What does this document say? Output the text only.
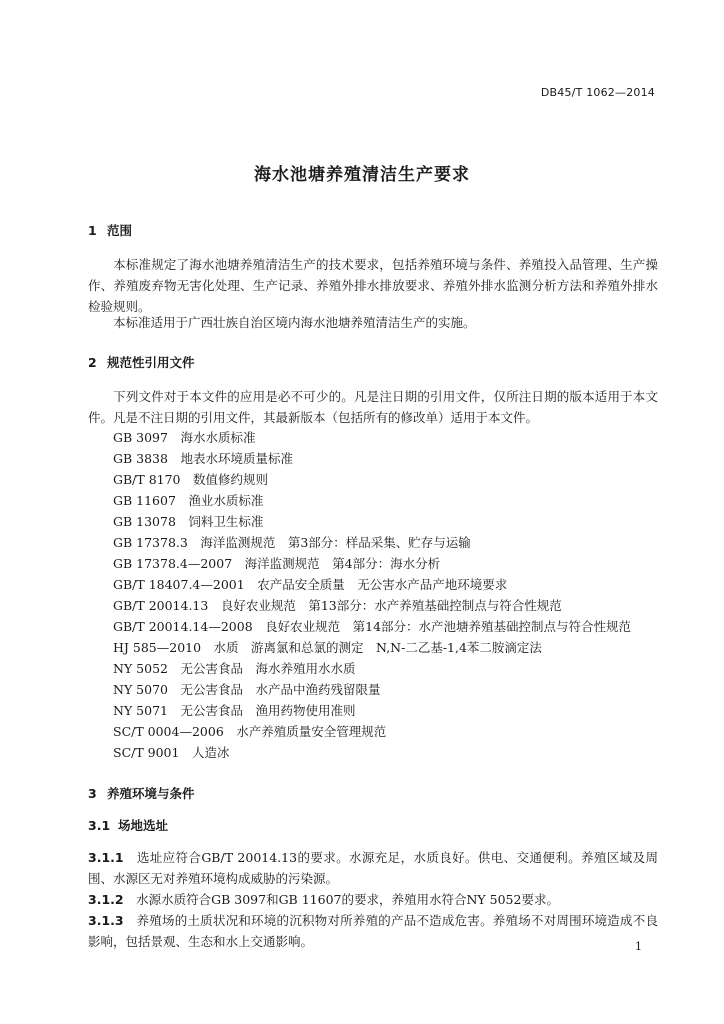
DB45/T 1062—2014
海水池塘养殖清洁生产要求
1 范围
本标准规定了海水池塘养殖清洁生产的技术要求，包括养殖环境与条件、养殖投入品管理、生产操作、养殖废弃物无害化处理、生产记录、养殖外排水排放要求、养殖外排水监测分析方法和养殖外排水检验规则。
本标准适用于广西壮族自治区境内海水池塘养殖清洁生产的实施。
2 规范性引用文件
下列文件对于本文件的应用是必不可少的。凡是注日期的引用文件，仅所注日期的版本适用于本文件。凡是不注日期的引用文件，其最新版本（包括所有的修改单）适用于本文件。
GB 3097　海水水质标准
GB 3838　地表水环境质量标准
GB/T 8170　数值修约规则
GB 11607　渔业水质标准
GB 13078　饲料卫生标准
GB 17378.3　海洋监测规范　第3部分：样品采集、贮存与运输
GB 17378.4—2007　海洋监测规范　第4部分：海水分析
GB/T 18407.4—2001　农产品安全质量　无公害水产品产地环境要求
GB/T 20014.13　良好农业规范　第13部分：水产养殖基础控制点与符合性规范
GB/T 20014.14—2008　良好农业规范　第14部分：水产池塘养殖基础控制点与符合性规范
HJ 585—2010　水质　游离氯和总氯的测定　N,N-二乙基-1,4苯二胺滴定法
NY 5052　无公害食品　海水养殖用水水质
NY 5070　无公害食品　水产品中渔药残留限量
NY 5071　无公害食品　渔用药物使用准则
SC/T 0004—2006　水产养殖质量安全管理规范
SC/T 9001　人造冰
3 养殖环境与条件
3.1 场地选址
3.1.1　 选址应符合GB/T 20014.13的要求。水源充足，水质良好。供电、交通便利。养殖区域及周围、水源区无对养殖环境构成威胁的污染源。
3.1.2　 水源水质符合GB 3097和GB 11607的要求，养殖用水符合NY 5052要求。
3.1.3　 养殖场的土质状况和环境的沉积物对所养殖的产品不造成危害。养殖场不对周围环境造成不良影响，包括景观、生态和水上交通影响。	1
